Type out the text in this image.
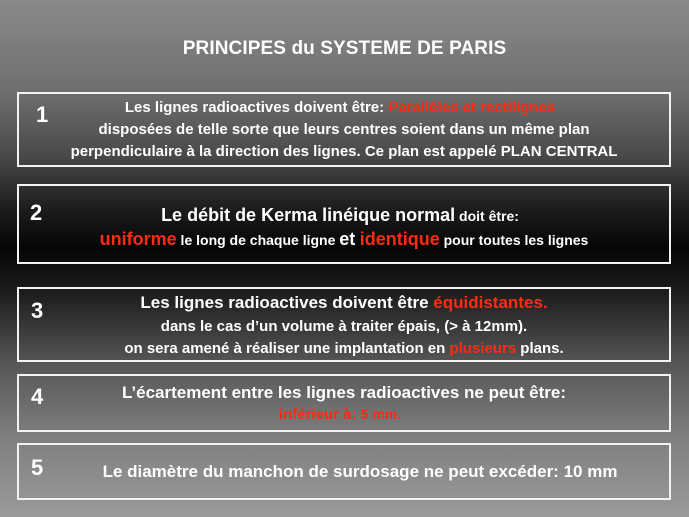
PRINCIPES du SYSTEME DE PARIS
1	Les lignes radioactives doivent être: Parallèles et rectilignes
disposées de telle sorte que leurs centres soient dans un même plan
perpendiculaire à la direction des lignes. Ce plan est appelé PLAN CENTRAL
2	Le débit de Kerma linéique normal doit être:
uniforme le long de chaque ligne et identique pour toutes les lignes
3	Les lignes radioactives doivent être équidistantes.
dans le cas d’un volume à traiter épais, (> à 12mm).
on sera amené à réaliser une implantation en plusieurs plans.
4	L’écartement entre les lignes radioactives ne peut être:
inférieur à: 5 mm.
5	Le diamètre du manchon de surdosage ne peut excéder: 10 mm
